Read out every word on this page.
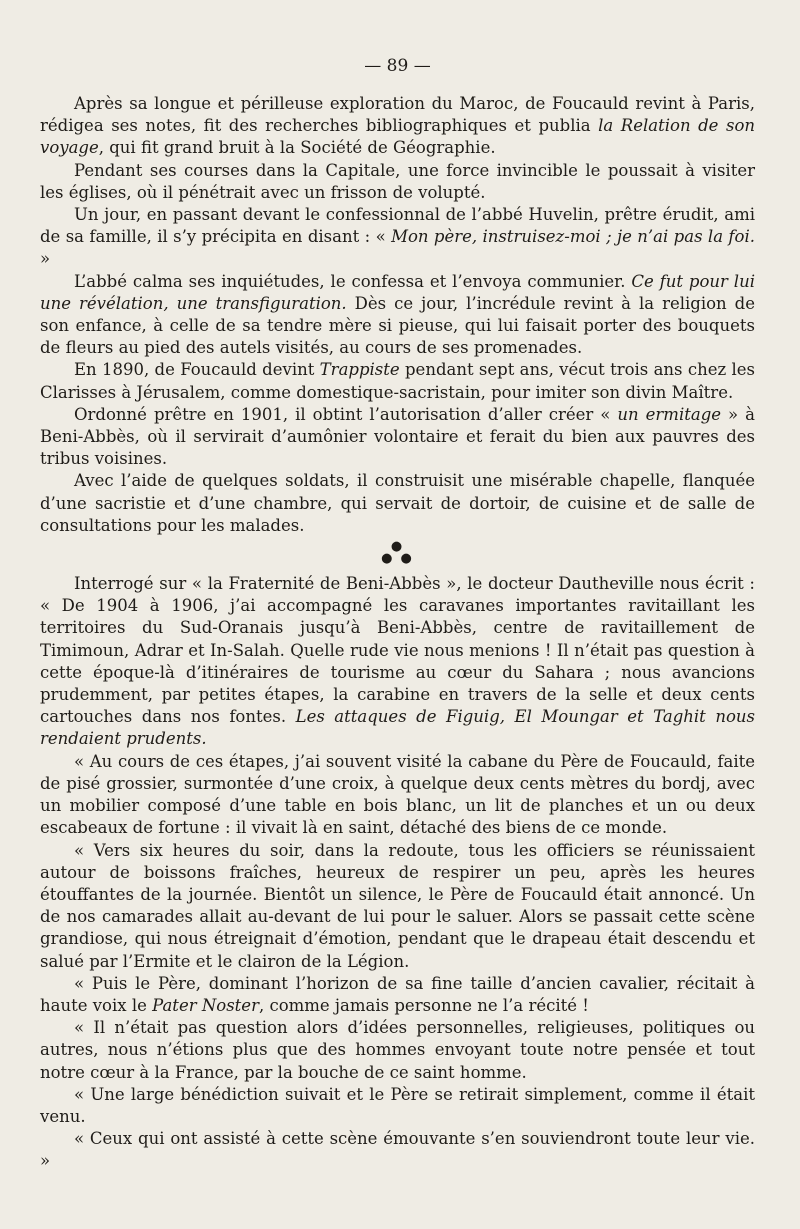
— 89 —

Après sa longue et périlleuse exploration du Maroc, de Foucauld revint à Paris, rédigea ses notes, fit des recherches bibliographiques et publia la Relation de son voyage, qui fit grand bruit à la Société de Géographie.

Pendant ses courses dans la Capitale, une force invincible le poussait à visiter les églises, où il pénétrait avec un frisson de volupté.

Un jour, en passant devant le confessionnal de l’abbé Huvelin, prêtre érudit, ami de sa famille, il s’y précipita en disant : « Mon père, instruisez-moi ; je n’ai pas la foi. »

L’abbé calma ses inquiétudes, le confessa et l’envoya communier. Ce fut pour lui une révélation, une transfiguration. Dès ce jour, l’incrédule revint à la religion de son enfance, à celle de sa tendre mère si pieuse, qui lui faisait porter des bouquets de fleurs au pied des autels visités, au cours de ses promenades.

En 1890, de Foucauld devint Trappiste pendant sept ans, vécut trois ans chez les Clarisses à Jérusalem, comme domestique-sacristain, pour imiter son divin Maître.

Ordonné prêtre en 1901, il obtint l’autorisation d’aller créer « un ermitage » à Beni-Abbès, où il servirait d’aumônier volontaire et ferait du bien aux pauvres des tribus voisines.

Avec l’aide de quelques soldats, il construisit une misérable chapelle, flanquée d’une sacristie et d’une chambre, qui servait de dortoir, de cuisine et de salle de consultations pour les malades.

●
● ●

Interrogé sur « la Fraternité de Beni-Abbès », le docteur Dautheville nous écrit : « De 1904 à 1906, j’ai accompagné les caravanes importantes ravitaillant les territoires du Sud-Oranais jusqu’à Beni-Abbès, centre de ravitaillement de Timimoun, Adrar et In-Salah. Quelle rude vie nous menions ! Il n’était pas question à cette époque-là d’itinéraires de tourisme au cœur du Sahara ; nous avancions prudemment, par petites étapes, la carabine en travers de la selle et deux cents cartouches dans nos fontes. Les attaques de Figuig, El Moungar et Taghit nous rendaient prudents.

« Au cours de ces étapes, j’ai souvent visité la cabane du Père de Foucauld, faite de pisé grossier, surmontée d’une croix, à quelque deux cents mètres du bordj, avec un mobilier composé d’une table en bois blanc, un lit de planches et un ou deux escabeaux de fortune : il vivait là en saint, détaché des biens de ce monde.

« Vers six heures du soir, dans la redoute, tous les officiers se réunissaient autour de boissons fraîches, heureux de respirer un peu, après les heures étouffantes de la journée. Bientôt un silence, le Père de Foucauld était annoncé. Un de nos camarades allait au-devant de lui pour le saluer. Alors se passait cette scène grandiose, qui nous étreignait d’émotion, pendant que le drapeau était descendu et salué par l’Ermite et le clairon de la Légion.

« Puis le Père, dominant l’horizon de sa fine taille d’ancien cavalier, récitait à haute voix le Pater Noster, comme jamais personne ne l’a récité !

« Il n’était pas question alors d’idées personnelles, religieuses, politiques ou autres, nous n’étions plus que des hommes envoyant toute notre pensée et tout notre cœur à la France, par la bouche de ce saint homme.

« Une large bénédiction suivait et le Père se retirait simplement, comme il était venu.

« Ceux qui ont assisté à cette scène émouvante s’en souviendront toute leur vie. »
